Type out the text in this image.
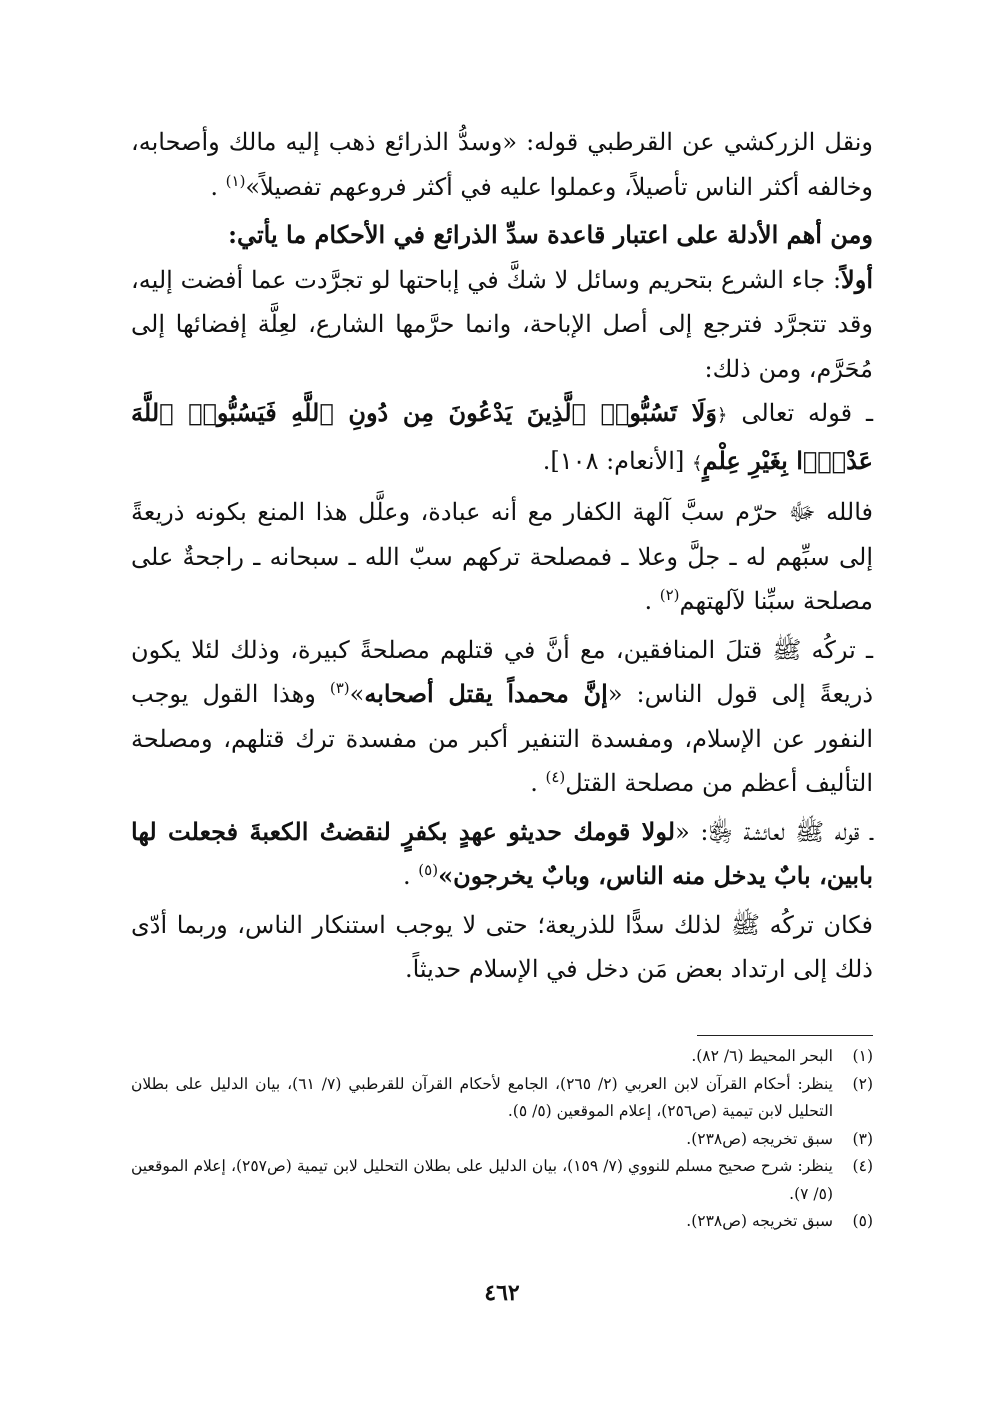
ونقل الزركشي عن القرطبي قوله: «وسدُّ الذرائع ذهب إليه مالك وأصحابه، وخالفه أكثر الناس تأصيلاً، وعملوا عليه في أكثر فروعهم تفصيلاً»$^{(١)}$ .

ومن أهم الأدلة على اعتبار قاعدة سدِّ الذرائع في الأحكام ما يأتي:

أولاً: جاء الشرع بتحريم وسائل لا شكَّ في إباحتها لو تجرَّدت عما أفضت إليه، وقد تتجرَّد فترجع إلى أصل الإباحة، وانما حرَّمها الشارع، لعِلَّة إفضائها إلى مُحَرَّم، ومن ذلك:

ـ قوله تعالى ﴿وَلَا تَسُبُّوا۟ ٱلَّذِينَ يَدْعُونَ مِن دُونِ ٱللَّهِ فَيَسُبُّوا۟ ٱللَّهَ عَدْوًۢا بِغَيْرِ عِلْمٍ﴾ [الأنعام: ١٠٨].

فالله ﷻ حرّم سبَّ آلهة الكفار مع أنه عبادة، وعلَّل هذا المنع بكونه ذريعةً إلى سبِّهم له ـ جلَّ وعلا ـ فمصلحة تركهم سبّ الله ـ سبحانه ـ راجحةٌ على مصلحة سبِّنا لآلهتهم$^{(٢)}$ .

ـ تركُه ﷺ قتلَ المنافقين، مع أنَّ في قتلهم مصلحةً كبيرة، وذلك لئلا يكون ذريعةً إلى قول الناس: «إنَّ محمداً يقتل أصحابه»$^{(٣)}$ وهذا القول يوجب النفور عن الإسلام، ومفسدة التنفير أكبر من مفسدة ترك قتلهم، ومصلحة التأليف أعظم من مصلحة القتل$^{(٤)}$ .

ـ قوله ﷺ لعائشة ﵂: «لولا قومك حديثو عهدٍ بكفرٍ لنقضتُ الكعبةَ فجعلت لها بابين، بابٌ يدخل منه الناس، وبابٌ يخرجون»$^{(٥)}$ .

فكان تركُه ﷺ لذلك سدًّا للذريعة؛ حتى لا يوجب استنكار الناس، وربما أدّى ذلك إلى ارتداد بعض مَن دخل في الإسلام حديثاً.

(١)
البحر المحيط (٦/ ٨٢).
(٢)
ينظر: أحكام القرآن لابن العربي (٢/ ٢٦٥)، الجامع لأحكام القرآن للقرطبي (٧/ ٦١)، بيان الدليل على بطلان التحليل لابن تيمية (ص٢٥٦)، إعلام الموقعين (٥/ ٥).
(٣)
سبق تخريجه (ص٢٣٨).
(٤)
ينظر: شرح صحيح مسلم للنووي (٧/ ١٥٩)، بيان الدليل على بطلان التحليل لابن تيمية (ص٢٥٧)، إعلام الموقعين (٥/ ٧).
(٥)
سبق تخريجه (ص٢٣٨).
٤٦٢
